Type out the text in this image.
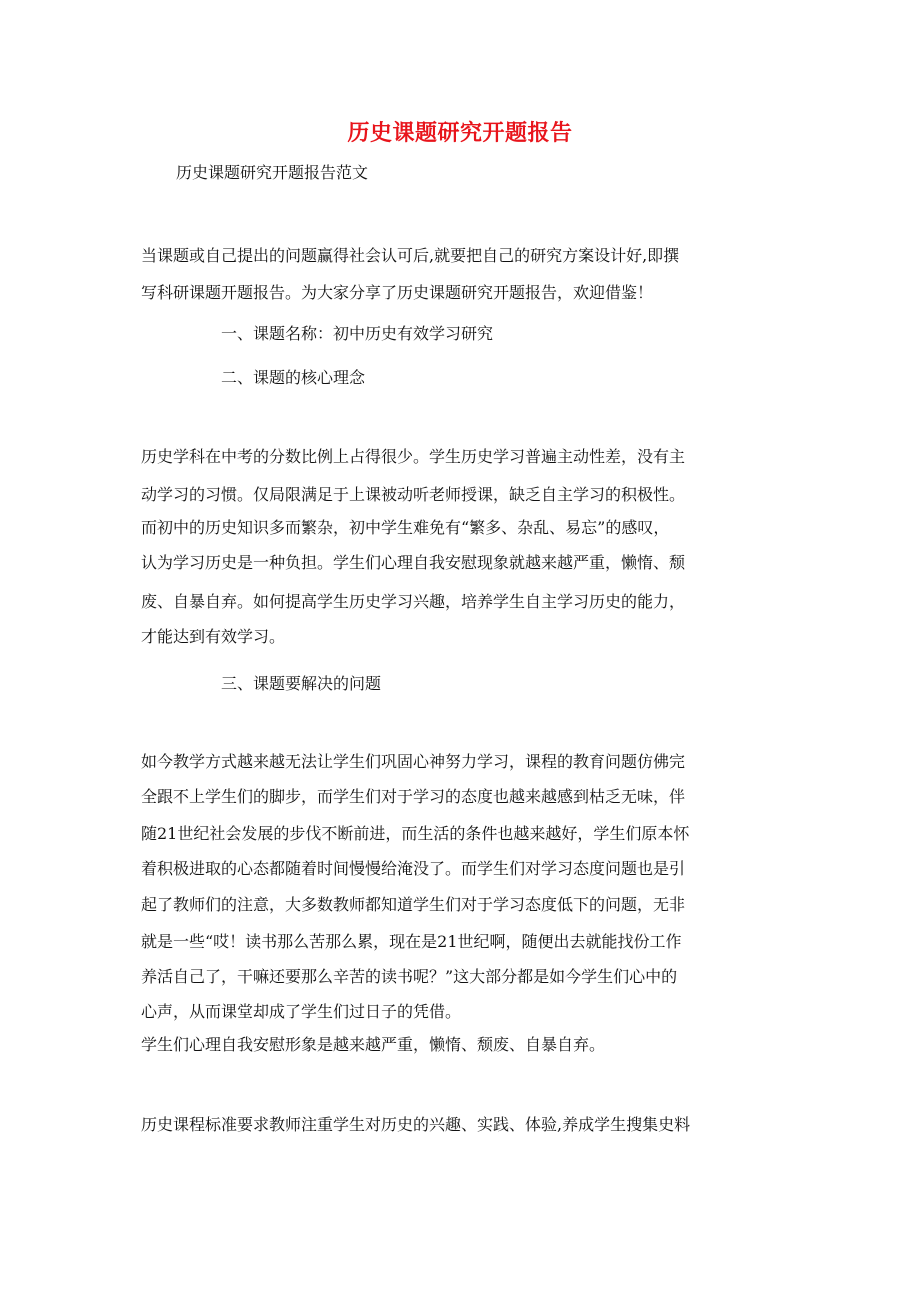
历史课题研究开题报告

历史课题研究开题报告范文

当课题或自己提出的问题赢得社会认可后,就要把自己的研究方案设计好,即撰

写科研课题开题报告。为大家分享了历史课题研究开题报告，欢迎借鉴！

一、课题名称：初中历史有效学习研究

二、课题的核心理念

历史学科在中考的分数比例上占得很少。学生历史学习普遍主动性差，没有主

动学习的习惯。仅局限满足于上课被动听老师授课，缺乏自主学习的积极性。

而初中的历史知识多而繁杂，初中学生难免有“繁多、杂乱、易忘”的感叹，

认为学习历史是一种负担。学生们心理自我安慰现象就越来越严重，懒惰、颓

废、自暴自弃。如何提高学生历史学习兴趣，培养学生自主学习历史的能力，

才能达到有效学习。

三、课题要解决的问题

如今教学方式越来越无法让学生们巩固心神努力学习，课程的教育问题仿佛完

全跟不上学生们的脚步，而学生们对于学习的态度也越来越感到枯乏无味，伴

随21世纪社会发展的步伐不断前进，而生活的条件也越来越好，学生们原本怀

着积极进取的心态都随着时间慢慢给淹没了。而学生们对学习态度问题也是引

起了教师们的注意，大多数教师都知道学生们对于学习态度低下的问题，无非

就是一些“哎！读书那么苦那么累，现在是21世纪啊，随便出去就能找份工作

养活自己了，干嘛还要那么辛苦的读书呢？”这大部分都是如今学生们心中的

心声，从而课堂却成了学生们过日子的凭借。

学生们心理自我安慰形象是越来越严重，懒惰、颓废、自暴自弃。

历史课程标准要求教师注重学生对历史的兴趣、实践、体验,养成学生搜集史料
